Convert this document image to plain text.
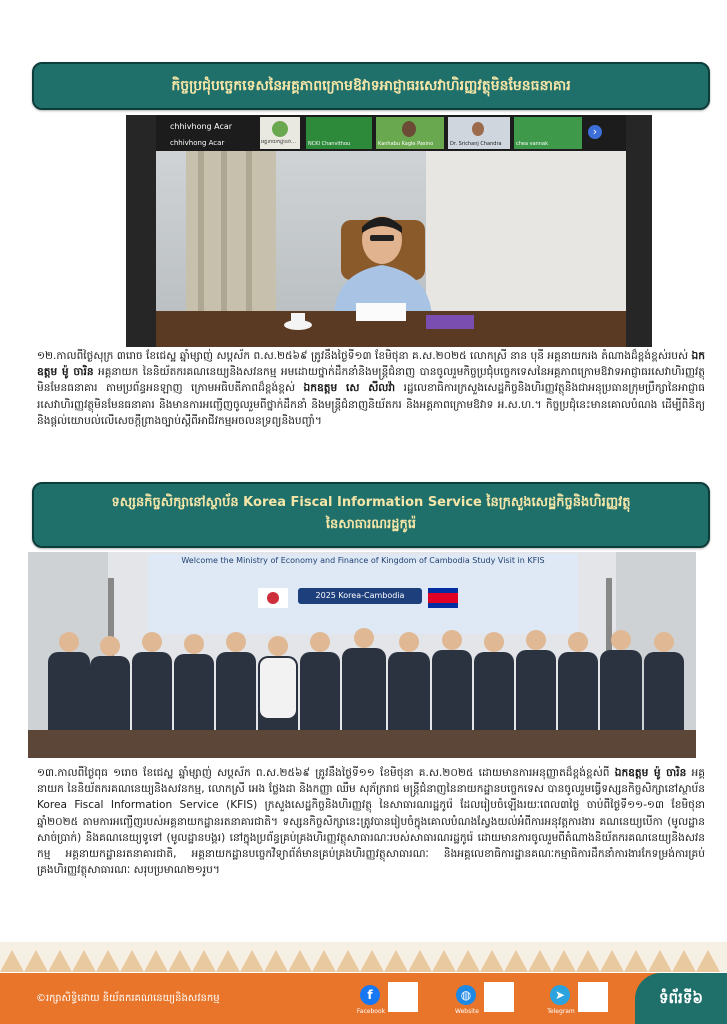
កិច្ចប្រជុំបច្ចេកទេសនៃអគ្គភាពក្រោមឱវាទអាជ្ញាធរសេវាហិរញ្ញវត្ថុមិនមែនធនាគារ
chhivhong Acar
chhivhong Acar	អគ្គនាយកដ្ឋានចំ...	NCKI Chanvithou	Kanhabu Kagle Pasino	Dr. Srichanj Chandra	chea vannak
›

១២.កាលពីថ្ងៃសុក្រ ៣រោច ខែជេស្ឋ ឆ្នាំម្សាញ់ សប្តស័ក ព.ស.២៥៦៩ ត្រូវនឹងថ្ងៃទី១៣ ខែមិថុនា គ.ស.២០២៥ លោកស្រី នាន បុនី អគ្គនាយករង តំណាងដ៏ខ្ពង់ខ្ពស់របស់ ឯកឧត្តម ម៉ូ ចារិន អគ្គនាយក នៃនិយ័តករគណនេយ្យនិងសវនកម្ម អមដោយថ្នាក់ដឹកនាំនិងមន្ត្រីជំនាញ បានចូលរួមកិច្ចប្រជុំបច្ចេកទេសនៃអគ្គភាពក្រោមឱវាទអាជ្ញាធរសេវាហិរញ្ញវត្ថុមិនមែនធនាគារ តាមប្រព័ន្ធអនឡាញ ក្រោមអធិបតីភាពដ៏ខ្ពង់ខ្ពស់ ឯកឧត្តម សេ សីលវ៉ា រដ្ឋលេខាធិការក្រសួងសេដ្ឋកិច្ចនិងហិរញ្ញវត្ថុនិងជាអនុប្រធានក្រុមប្រឹក្សានៃអាជ្ញាធរសេវាហិរញ្ញវត្ថុមិនមែនធនាគារ និងមានការអញ្ជើញចូលរួមពីថ្នាក់ដឹកនាំ និងមន្ត្រីជំនាញនិយ័តករ និងអគ្គភាពក្រោមឱវាទ អ.ស.ហ.។ កិច្ចប្រជុំនេះមានគោលបំណង ដើម្បីពិនិត្យ និងផ្តល់យោបល់លើសេចក្តីព្រាងច្បាប់ស្តីពីអាជីវកម្មអចលនទ្រព្យនិងបញ្ចាំ។

ទស្សនកិច្ចសិក្សានៅស្ថាប័ន Korea Fiscal Information Service នៃក្រសួងសេដ្ឋកិច្ចនិងហិរញ្ញវត្ថុ
នៃសាធារណរដ្ឋកូរ៉េ
Welcome the Ministry of Economy and Finance of Kingdom of Cambodia Study Visit in KFIS
2025 Korea-Cambodia

១៣.កាលពីថ្ងៃពុធ ១រោច ខែជេស្ឋ ឆ្នាំម្សាញ់ សប្តស័ក ព.ស.២៥៦៩ ត្រូវនឹងថ្ងៃទី១១ ខែមិថុនា គ.ស.២០២៥ ដោយមានការអនុញ្ញាតដ៏ខ្ពង់ខ្ពស់ពី ឯកឧត្តម ម៉ូ ចារិន អគ្គនាយក នៃនិយ័តករគណនេយ្យនិងសវនកម្ម, លោកស្រី អេង ថ្លែងដា និងកញ្ញា ឈឹម សុភ័ក្ររាជ មន្ត្រីជំនាញនៃនាយកដ្ឋានបច្ចេកទេស បានចូលរួមធ្វើទស្សនកិច្ចសិក្សានៅស្ថាប័ន Korea Fiscal Information Service (KFIS) ក្រសួងសេដ្ឋកិច្ចនិងហិរញ្ញវត្ថុ នៃសាធារណរដ្ឋកូរ៉េ ដែលរៀបចំឡើងរយៈពេល៣ថ្ងៃ ចាប់ពីថ្ងៃទី១១-១៣ ខែមិថុនា ឆ្នាំ២០២៥ តាមការអញ្ជើញរបស់អគ្គនាយកដ្ឋានរតនាគារជាតិ។ ទស្សនកិច្ចសិក្សានេះត្រូវបានរៀបចំក្នុងគោលបំណងស្វែងយល់អំពីការអនុវត្តការងារ គណនេយ្យបើកា (មូលដ្ឋានសាច់ប្រាក់) និងគណនេយ្យទូទៅ (មូលដ្ឋានបង្គរ) នៅក្នុងប្រព័ន្ធគ្រប់គ្រងហិរញ្ញវត្ថុសាធារណៈរបស់សាធារណរដ្ឋកូរ៉េ ដោយមានការចូលរួមពីតំណាងនិយ័តករគណនេយ្យនិងសវនកម្ម អគ្គនាយកដ្ឋានរតនាគារជាតិ, អគ្គនាយកដ្ឋានបច្ចេកវិទ្យាព័ត៌មានគ្រប់គ្រងហិរញ្ញវត្ថុសាធារណៈ និងអគ្គលេខាធិការដ្ឋានគណៈកម្មាធិការដឹកនាំការងារកែទម្រង់ការគ្រប់គ្រងហិរញ្ញវត្ថុសាធារណៈ សរុបប្រមាណ២១រូប។

©រក្សាសិទ្ធិដោយ និយ័តករគណនេយ្យនិងសវនកម្ម	f
Facebook
◍
Website
➤
Telegram
ទំព័រទី៦
